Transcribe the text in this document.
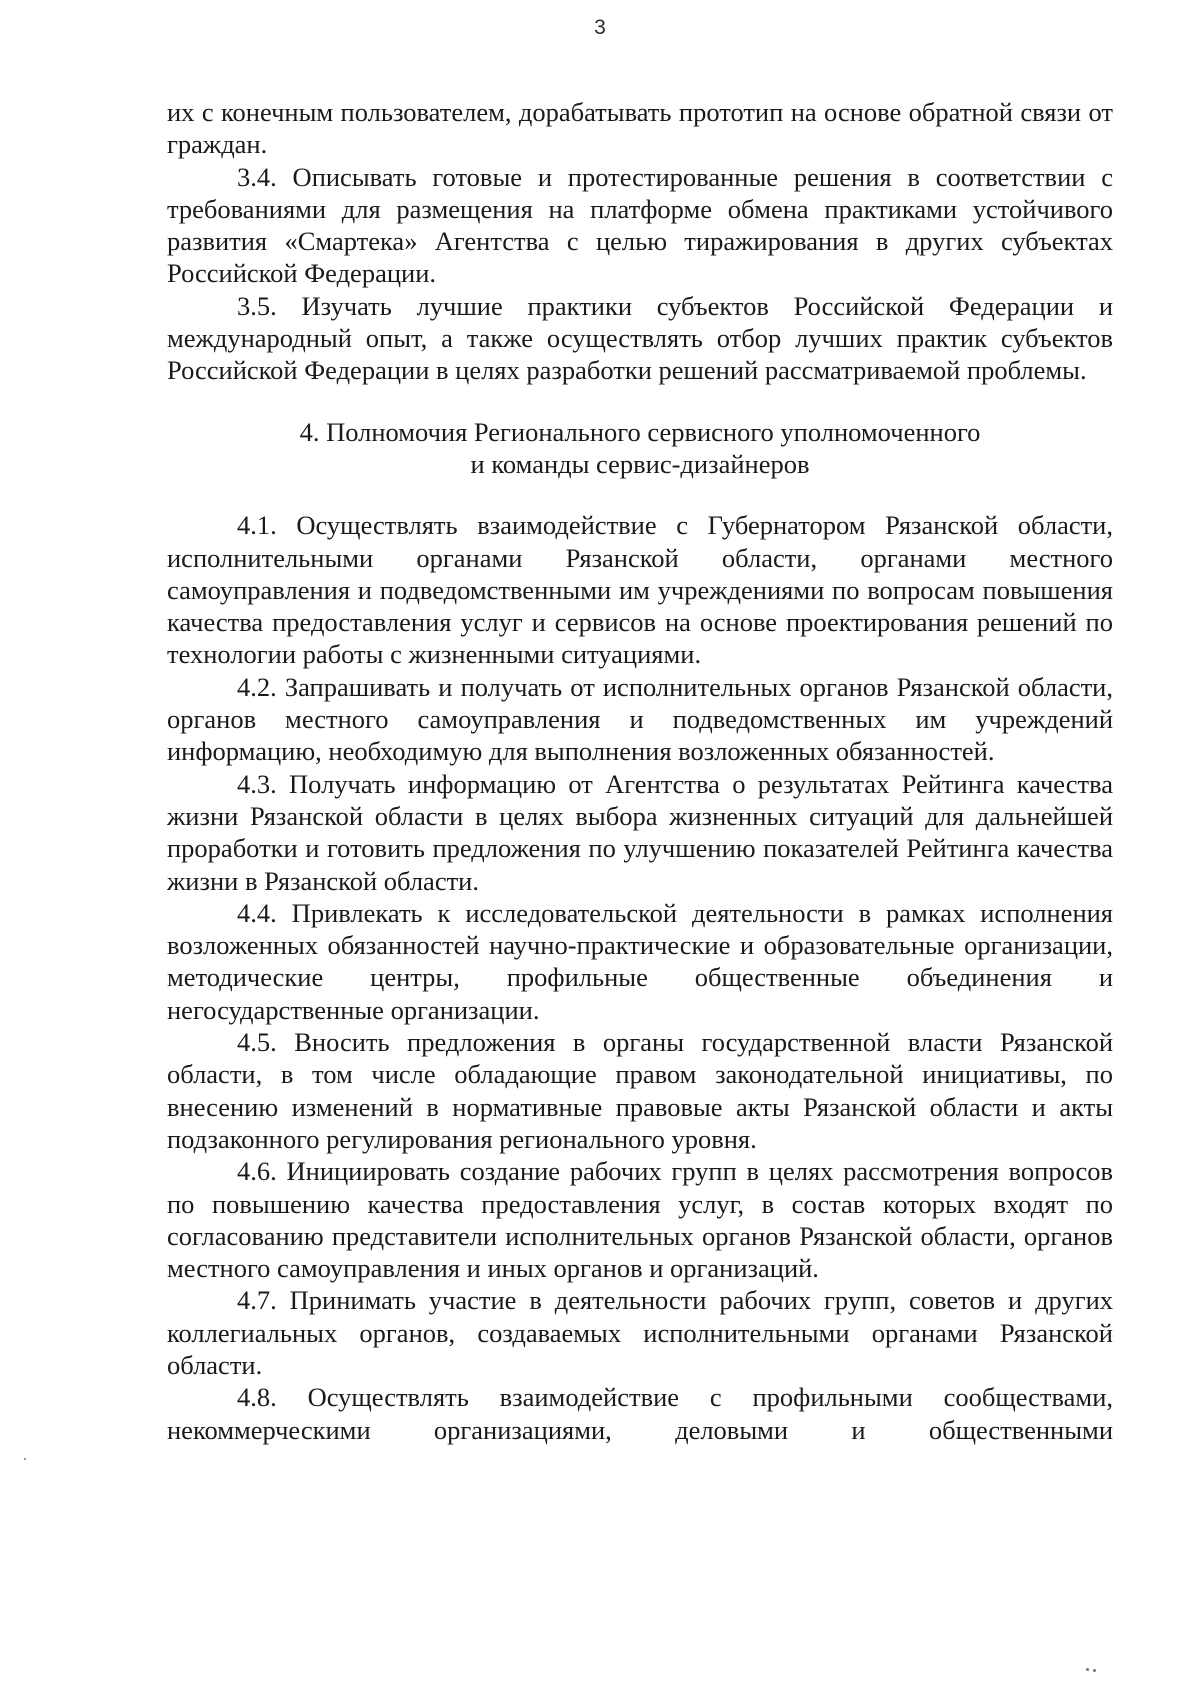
3

их с конечным пользователем, дорабатывать прототип на основе обратной связи от граждан.

3.4. Описывать готовые и протестированные решения в соответствии с требованиями для размещения на платформе обмена практиками устойчивого развития «Смартека» Агентства с целью тиражирования в других субъектах Российской Федерации.

3.5. Изучать лучшие практики субъектов Российской Федерации и международный опыт, а также осуществлять отбор лучших практик субъектов Российской Федерации в целях разработки решений рассматриваемой проблемы.

4. Полномочия Регионального сервисного уполномоченного
и команды сервис-дизайнеров

4.1. Осуществлять взаимодействие с Губернатором Рязанской области, исполнительными органами Рязанской области, органами местного самоуправления и подведомственными им учреждениями по вопросам повышения качества предоставления услуг и сервисов на основе проектирования решений по технологии работы с жизненными ситуациями.

4.2. Запрашивать и получать от исполнительных органов Рязанской области, органов местного самоуправления и подведомственных им учреждений информацию, необходимую для выполнения возложенных обязанностей.

4.3. Получать информацию от Агентства о результатах Рейтинга качества жизни Рязанской области в целях выбора жизненных ситуаций для дальнейшей проработки и готовить предложения по улучшению показателей Рейтинга качества жизни в Рязанской области.

4.4. Привлекать к исследовательской деятельности в рамках исполнения возложенных обязанностей научно-практические и образовательные организации, методические центры, профильные общественные объединения и негосударственные организации.

4.5. Вносить предложения в органы государственной власти Рязанской области, в том числе обладающие правом законодательной инициативы, по внесению изменений в нормативные правовые акты Рязанской области и акты подзаконного регулирования регионального уровня.

4.6. Инициировать создание рабочих групп в целях рассмотрения вопросов по повышению качества предоставления услуг, в состав которых входят по согласованию представители исполнительных органов Рязанской области, органов местного самоуправления и иных органов и организаций.

4.7. Принимать участие в деятельности рабочих групп, советов и других коллегиальных органов, создаваемых исполнительными органами Рязанской области.

4.8. Осуществлять взаимодействие с профильными сообществами, некоммерческими организациями, деловыми и общественными
